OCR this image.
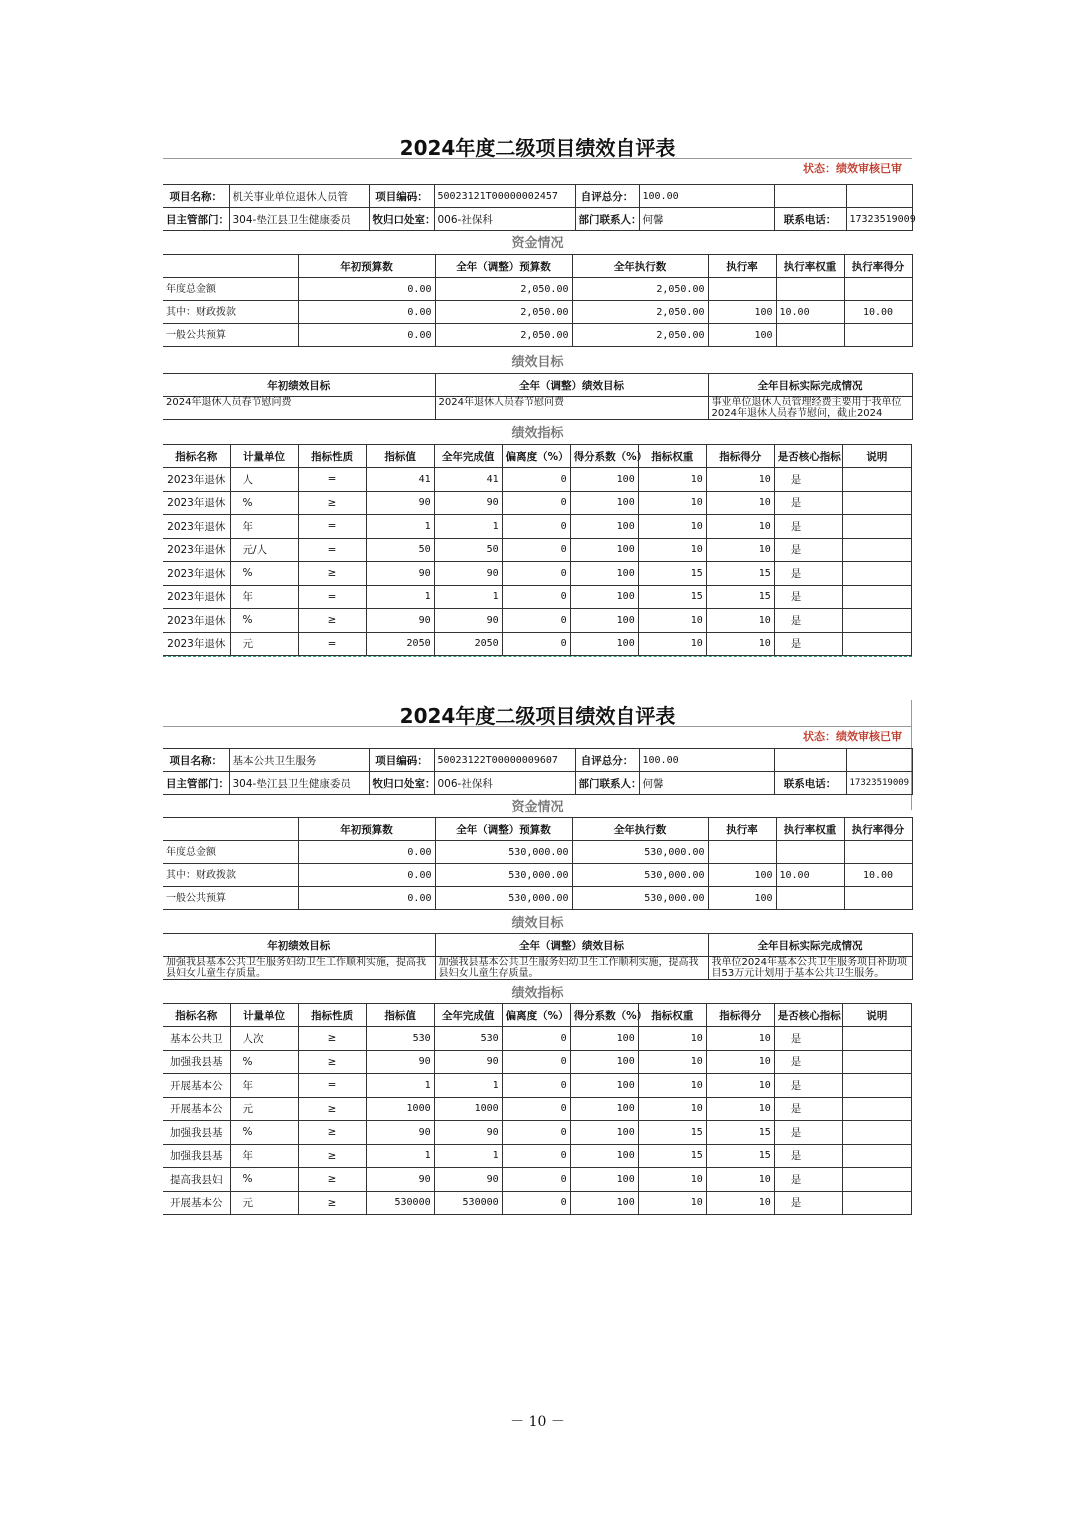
2024年度二级项目绩效自评表
状态：绩效审核已审
项目名称：	机关事业单位退休人员管	项目编码：	50023121T00000002457	自评总分：	100.00		
目主管部门：	304-垫江县卫生健康委员	牧归口处室：	006-社保科	部门联系人：	何馨	联系电话：	17323519009
资金情况
	年初预算数	全年（调整）预算数	全年执行数	执行率	执行率权重	执行率得分
年度总金额	0.00	2,050.00	2,050.00			
其中：财政拨款	0.00	2,050.00	2,050.00	100	10.00	10.00
一般公共预算	0.00	2,050.00	2,050.00	100		
绩效目标
年初绩效目标	全年（调整）绩效目标	全年目标实际完成情况
2024年退休人员春节慰问费	2024年退休人员春节慰问费	事业单位退休人员管理经费主要用于我单位2024年退休人员春节慰问，截止2024
绩效指标
指标名称	计量单位	指标性质	指标值	全年完成值	偏离度（%）	得分系数（%）	指标权重	指标得分	是否核心指标	说明
2023年退休	人	=	41	41	0	100	10	10	是	
2023年退休	%	≥	90	90	0	100	10	10	是	
2023年退休	年	=	1	1	0	100	10	10	是	
2023年退休	元/人	=	50	50	0	100	10	10	是	
2023年退休	%	≥	90	90	0	100	15	15	是	
2023年退休	年	=	1	1	0	100	15	15	是	
2023年退休	%	≥	90	90	0	100	10	10	是	
2023年退休	元	=	2050	2050	0	100	10	10	是	
2024年度二级项目绩效自评表
状态：绩效审核已审
项目名称：	基本公共卫生服务	项目编码：	50023122T00000009607	自评总分：	100.00		
目主管部门：	304-垫江县卫生健康委员	牧归口处室：	006-社保科	部门联系人：	何馨	联系电话：	17323519009
资金情况
	年初预算数	全年（调整）预算数	全年执行数	执行率	执行率权重	执行率得分
年度总金额	0.00	530,000.00	530,000.00			
其中：财政拨款	0.00	530,000.00	530,000.00	100	10.00	10.00
一般公共预算	0.00	530,000.00	530,000.00	100		
绩效目标
年初绩效目标	全年（调整）绩效目标	全年目标实际完成情况
加强我县基本公共卫生服务妇幼卫生工作顺利实施，提高我县妇女儿童生存质量。	加强我县基本公共卫生服务妇幼卫生工作顺利实施，提高我县妇女儿童生存质量。	我单位2024年基本公共卫生服务项目补助项目53万元计划用于基本公共卫生服务。
绩效指标
指标名称	计量单位	指标性质	指标值	全年完成值	偏离度（%）	得分系数（%）	指标权重	指标得分	是否核心指标	说明
基本公共卫	人次	≥	530	530	0	100	10	10	是	
加强我县基	%	≥	90	90	0	100	10	10	是	
开展基本公	年	=	1	1	0	100	10	10	是	
开展基本公	元	≥	1000	1000	0	100	10	10	是	
加强我县基	%	≥	90	90	0	100	15	15	是	
加强我县基	年	≥	1	1	0	100	15	15	是	
提高我县妇	%	≥	90	90	0	100	10	10	是	
开展基本公	元	≥	530000	530000	0	100	10	10	是	
－ 10 －
